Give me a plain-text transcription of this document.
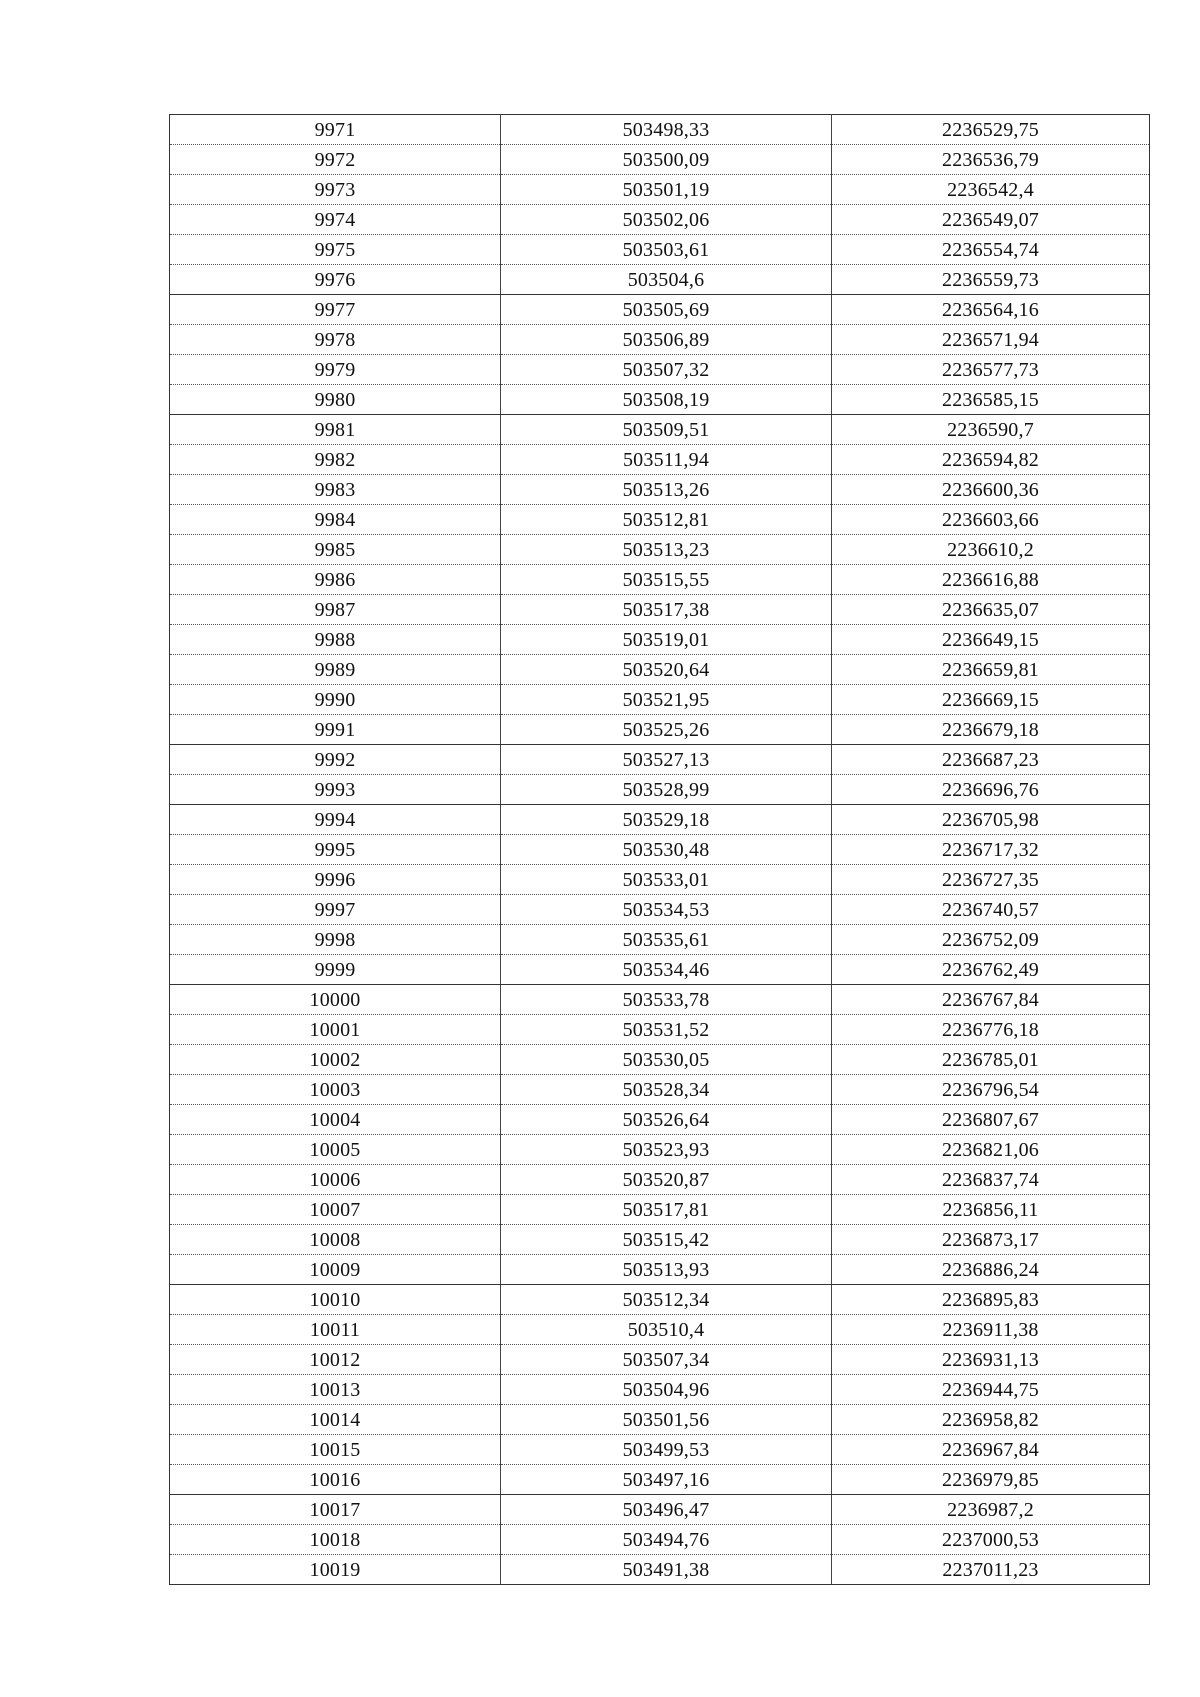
9971	503498,33	2236529,75
9972	503500,09	2236536,79
9973	503501,19	2236542,4
9974	503502,06	2236549,07
9975	503503,61	2236554,74
9976	503504,6	2236559,73
9977	503505,69	2236564,16
9978	503506,89	2236571,94
9979	503507,32	2236577,73
9980	503508,19	2236585,15
9981	503509,51	2236590,7
9982	503511,94	2236594,82
9983	503513,26	2236600,36
9984	503512,81	2236603,66
9985	503513,23	2236610,2
9986	503515,55	2236616,88
9987	503517,38	2236635,07
9988	503519,01	2236649,15
9989	503520,64	2236659,81
9990	503521,95	2236669,15
9991	503525,26	2236679,18
9992	503527,13	2236687,23
9993	503528,99	2236696,76
9994	503529,18	2236705,98
9995	503530,48	2236717,32
9996	503533,01	2236727,35
9997	503534,53	2236740,57
9998	503535,61	2236752,09
9999	503534,46	2236762,49
10000	503533,78	2236767,84
10001	503531,52	2236776,18
10002	503530,05	2236785,01
10003	503528,34	2236796,54
10004	503526,64	2236807,67
10005	503523,93	2236821,06
10006	503520,87	2236837,74
10007	503517,81	2236856,11
10008	503515,42	2236873,17
10009	503513,93	2236886,24
10010	503512,34	2236895,83
10011	503510,4	2236911,38
10012	503507,34	2236931,13
10013	503504,96	2236944,75
10014	503501,56	2236958,82
10015	503499,53	2236967,84
10016	503497,16	2236979,85
10017	503496,47	2236987,2
10018	503494,76	2237000,53
10019	503491,38	2237011,23
